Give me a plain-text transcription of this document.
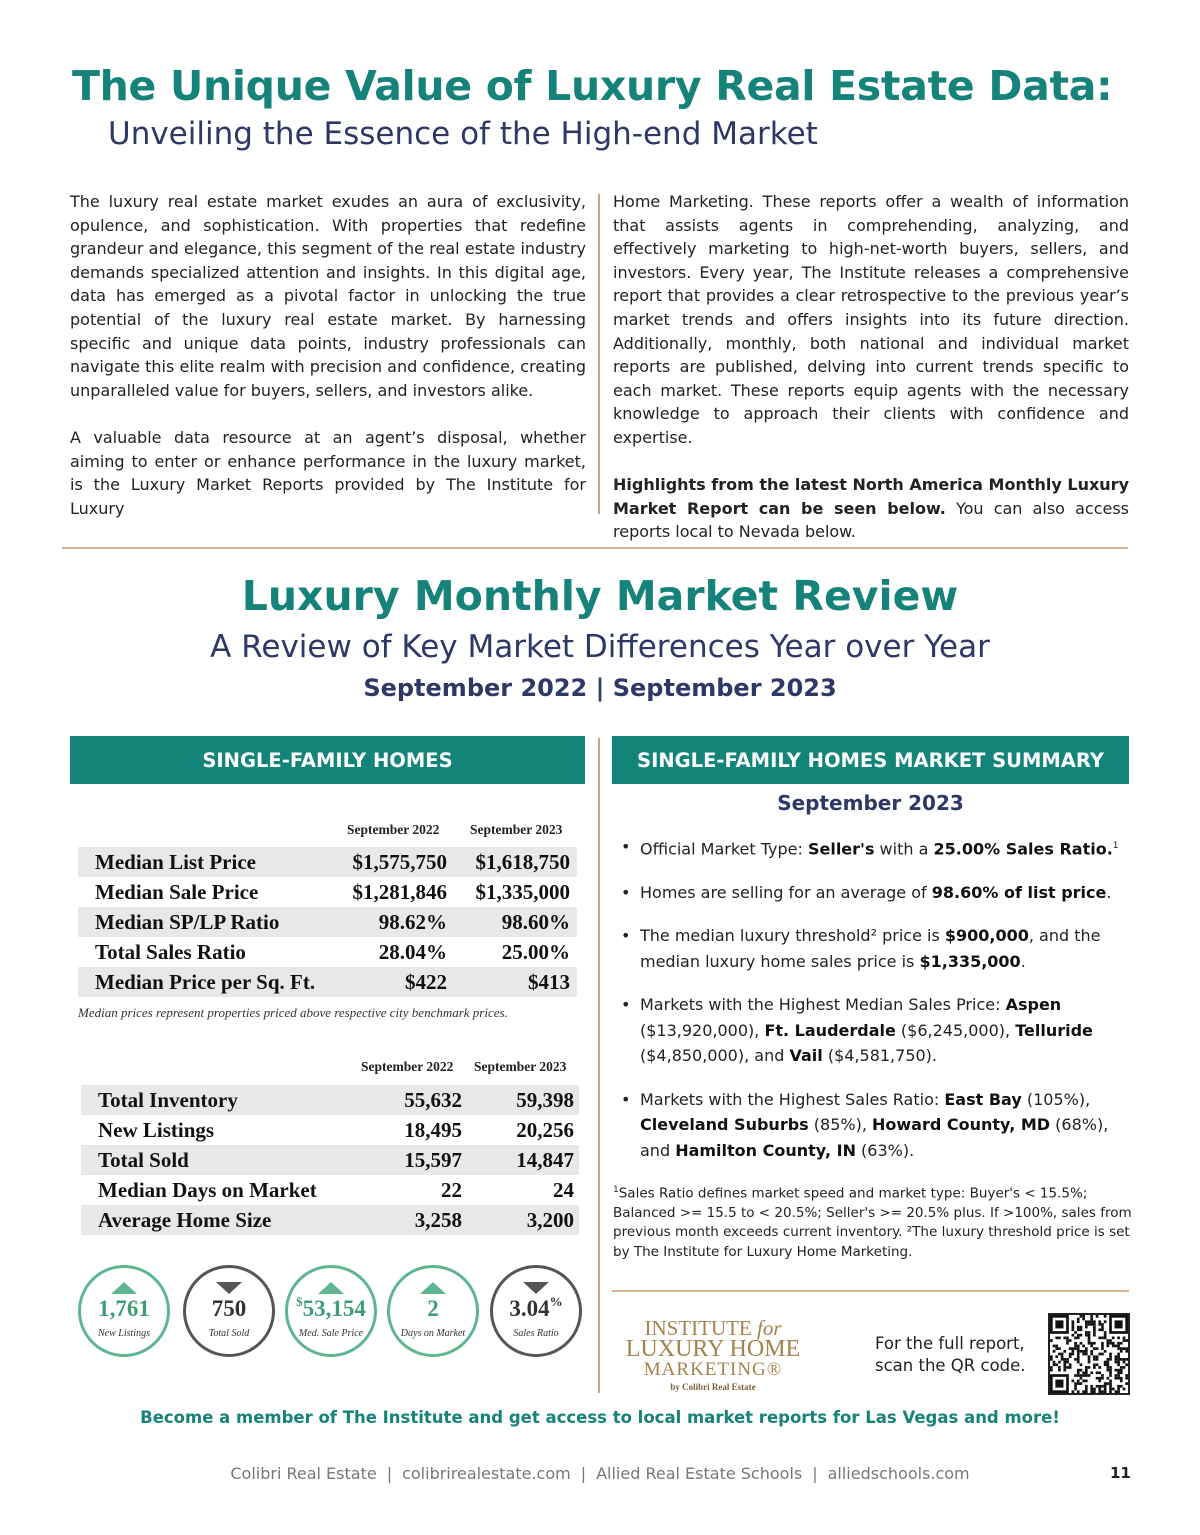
The Unique Value of Luxury Real Estate Data:
Unveiling the Essence of the High-end Market

The luxury real estate market exudes an aura of exclusivity, opulence, and sophistication. With properties that redefine grandeur and elegance, this segment of the real estate industry demands specialized attention and insights. In this digital age, data has emerged as a pivotal factor in unlocking the true potential of the luxury real estate market. By harnessing specific and unique data points, industry professionals can navigate this elite realm with precision and confidence, creating unparalleled value for buyers, sellers, and investors alike.

A valuable data resource at an agent’s disposal, whether aiming to enter or enhance performance in the luxury market, is the Luxury Market Reports provided by The Institute for Luxury

Home Marketing. These reports offer a wealth of information that assists agents in comprehending, analyzing, and effectively marketing to high-net-worth buyers, sellers, and investors. Every year, The Institute releases a comprehensive report that provides a clear retrospective to the previous year’s market trends and offers insights into its future direction. Additionally, monthly, both national and individual market reports are published, delving into current trends specific to each market. These reports equip agents with the necessary knowledge to approach their clients with confidence and expertise.

Highlights from the latest North America Monthly Luxury Market Report can be seen below. You can also access reports local to Nevada below.

Luxury Monthly Market Review
A Review of Key Market Differences Year over Year
September 2022 | September 2023
SINGLE-FAMILY HOMES	SINGLE-FAMILY HOMES MARKET SUMMARY
September 2022 September 2023
Median List Price	$1,575,750 $1,618,750
Median Sale Price	$1,281,846 $1,335,000
Median SP/LP Ratio	98.62%	98.60%
Total Sales Ratio	28.04%	25.00%
Median Price per Sq. Ft.	$422	$413
Median prices represent properties priced above respective city benchmark prices.
September 2022 September 2023
Total Inventory	55,632	59,398
New Listings	18,495	20,256
Total Sold	15,597	14,847
Median Days on Market	22	24
Average Home Size	3,258	3,200
1,761
New Listings
750
Total Sold
$53,154
Med. Sale Price
2
Days on Market
3.04%
Sales Ratio
September 2023
• Official Market Type: Seller's with a 25.00% Sales Ratio.$^1$
• Homes are selling for an average of 98.60% of list price.
• The median luxury threshold² price is $900,000, and the median luxury home sales price is $1,335,000.
• Markets with the Highest Median Sales Price: Aspen ($13,920,000), Ft. Lauderdale ($6,245,000), Telluride ($4,850,000), and Vail ($4,581,750).
• Markets with the Highest Sales Ratio: East Bay (105%), Cleveland Suburbs (85%), Howard County, MD (68%), and Hamilton County, IN (63%).
$^1$Sales Ratio defines market speed and market type: Buyer's < 15.5%; Balanced >= 15.5 to < 20.5%; Seller's >= 20.5% plus. If >100%, sales from previous month exceeds current inventory. ²The luxury threshold price is set by The Institute for Luxury Home Marketing.
INSTITUTE for
LUXURY HOME
MARKETING®
by Colibri Real Estate
For the full report,
scan the QR code.
Become a member of The Institute and get access to local market reports for Las Vegas and more!
Colibri Real Estate | colibrirealestate.com | Allied Real Estate Schools | alliedschools.com	11
